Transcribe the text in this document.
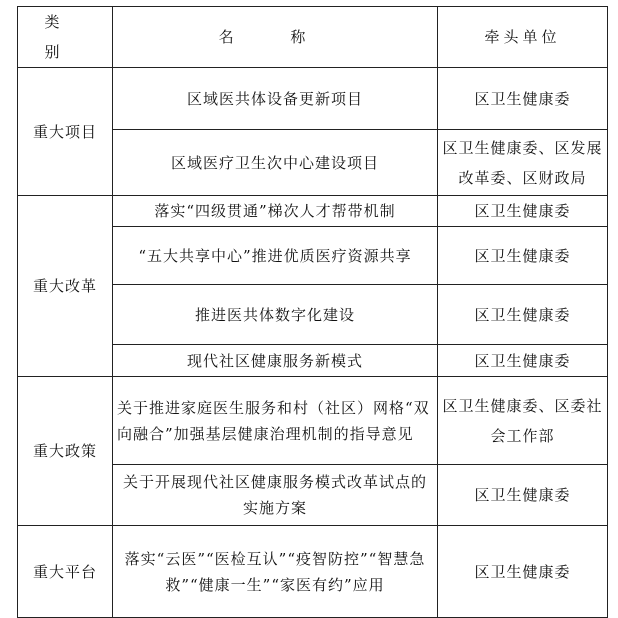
类 别	名 称	牵头单位
重大项目	区域医共体设备更新项目	区卫生健康委
	区域医疗卫生次中心建设项目	区卫生健康委、区发展改革委、区财政局
重大改革	落实“四级贯通”梯次人才帮带机制	区卫生健康委
	“五大共享中心”推进优质医疗资源共享	区卫生健康委
	推进医共体数字化建设	区卫生健康委
	现代社区健康服务新模式	区卫生健康委
重大政策	关于推进家庭医生服务和村（社区）网格“双向融合”加强基层健康治理机制的指导意见	区卫生健康委、区委社会工作部
	关于开展现代社区健康服务模式改革试点的实施方案	区卫生健康委
重大平台	落实“云医”“医检互认”“疫智防控”“智慧急救”“健康一生”“家医有约”应用	区卫生健康委
